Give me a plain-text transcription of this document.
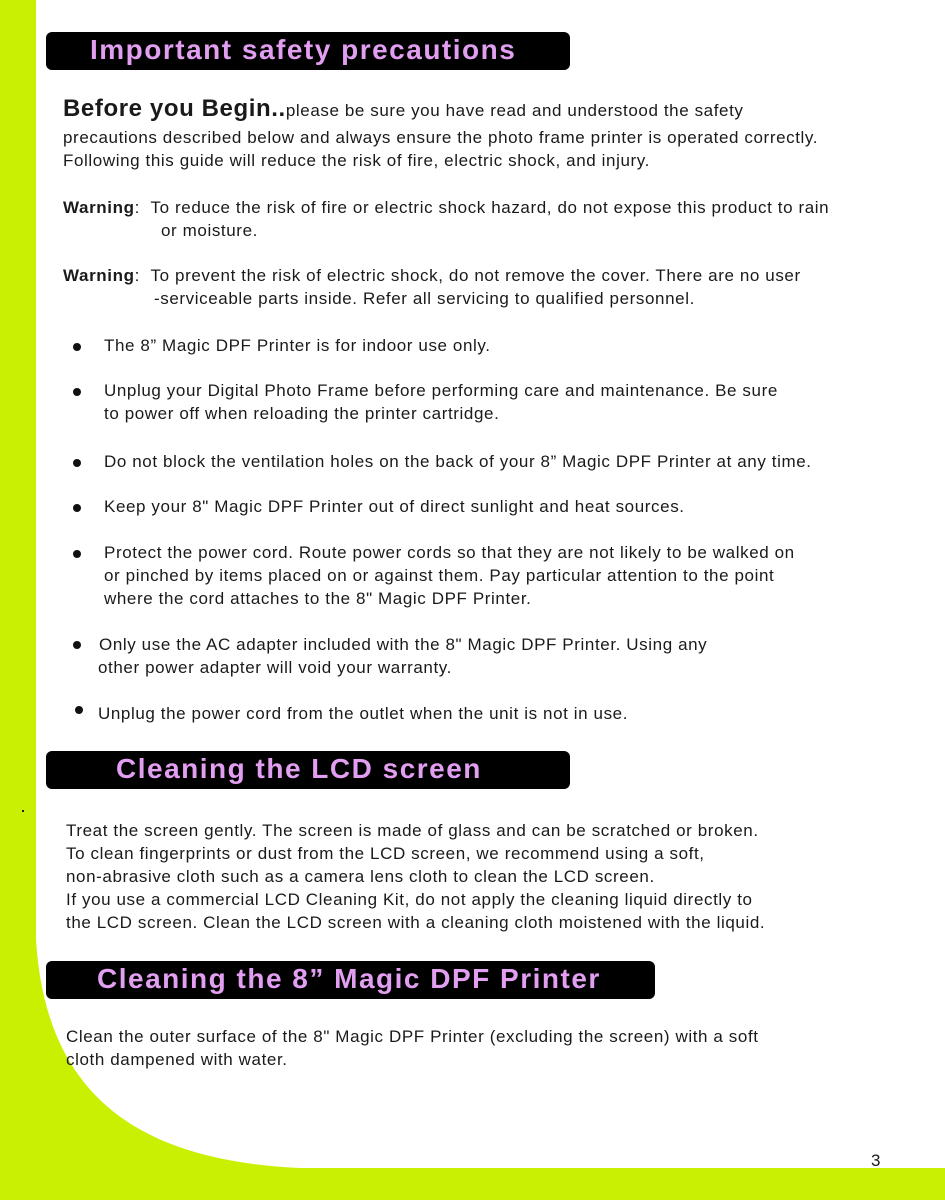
Important safety precautions
Before you Begin..please be sure you have read and understood the safety
precautions described below and always ensure the photo frame printer is operated correctly.
Following this guide will reduce the risk of fire, electric shock, and injury.
Warning:  To reduce the risk of fire or electric shock hazard, do not expose this product to rain
or moisture.
Warning:  To prevent the risk of electric shock, do not remove the cover. There are no user
-serviceable parts inside. Refer all servicing to qualified personnel.
The 8” Magic DPF Printer is for indoor use only.
Unplug your Digital Photo Frame before performing care and maintenance. Be sure
to power off when reloading the printer cartridge.
Do not block the ventilation holes on the back of your 8” Magic DPF Printer at any time.
Keep your 8" Magic DPF Printer out of direct sunlight and heat sources.
Protect the power cord. Route power cords so that they are not likely to be walked on
or pinched by items placed on or against them. Pay particular attention to the point
where the cord attaches to the 8" Magic DPF Printer.
Only use the AC adapter included with the 8" Magic DPF Printer. Using any
other power adapter will void your warranty.
Unplug the power cord from the outlet when the unit is not in use.
Cleaning the LCD screen
Treat the screen gently. The screen is made of glass and can be scratched or broken.
To clean fingerprints or dust from the LCD screen, we recommend using a soft,
non-abrasive cloth such as a camera lens cloth to clean the LCD screen.
If you use a commercial LCD Cleaning Kit, do not apply the cleaning liquid directly to
the LCD screen. Clean the LCD screen with a cleaning cloth moistened with the liquid.
Cleaning the 8” Magic DPF Printer
Clean the outer surface of the 8" Magic DPF Printer (excluding the screen) with a soft
cloth dampened with water.
3
